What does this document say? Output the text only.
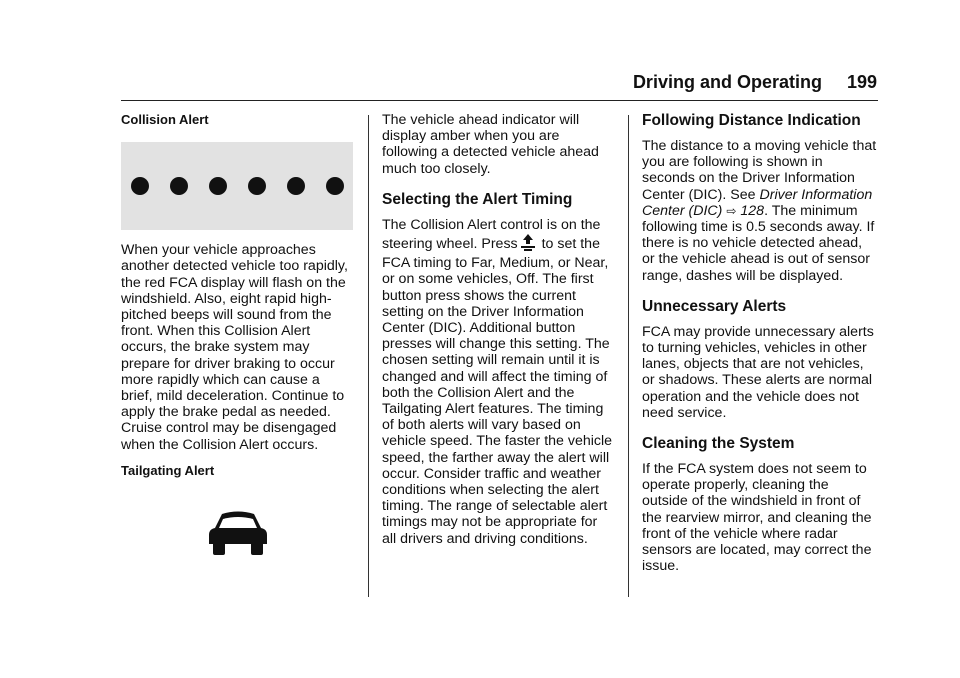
Driving and Operating     199
Collision Alert

When your vehicle approaches another detected vehicle too rapidly, the red FCA display will flash on the windshield. Also, eight rapid high-pitched beeps will sound from the front. When this Collision Alert occurs, the brake system may prepare for driver braking to occur more rapidly which can cause a brief, mild deceleration. Continue to apply the brake pedal as needed. Cruise control may be disengaged when the Collision Alert occurs.

Tailgating Alert

The vehicle ahead indicator will display amber when you are following a detected vehicle ahead much too closely.

Selecting the Alert Timing

The Collision Alert control is on the steering wheel. Press to set the FCA timing to Far, Medium, or Near, or on some vehicles, Off. The first button press shows the current setting on the Driver Information Center (DIC). Additional button presses will change this setting. The chosen setting will remain until it is changed and will affect the timing of both the Collision Alert and the Tailgating Alert features. The timing of both alerts will vary based on vehicle speed. The faster the vehicle speed, the farther away the alert will occur. Consider traffic and weather conditions when selecting the alert timing. The range of selectable alert timings may not be appropriate for all drivers and driving conditions.

Following Distance Indication

The distance to a moving vehicle that you are following is shown in seconds on the Driver Information Center (DIC). See Driver Information Center (DIC) ⇨ 128. The minimum following time is 0.5 seconds away. If there is no vehicle detected ahead, or the vehicle ahead is out of sensor range, dashes will be displayed.

Unnecessary Alerts

FCA may provide unnecessary alerts to turning vehicles, vehicles in other lanes, objects that are not vehicles, or shadows. These alerts are normal operation and the vehicle does not need service.

Cleaning the System

If the FCA system does not seem to operate properly, cleaning the outside of the windshield in front of the rearview mirror, and cleaning the front of the vehicle where radar sensors are located, may correct the issue.
